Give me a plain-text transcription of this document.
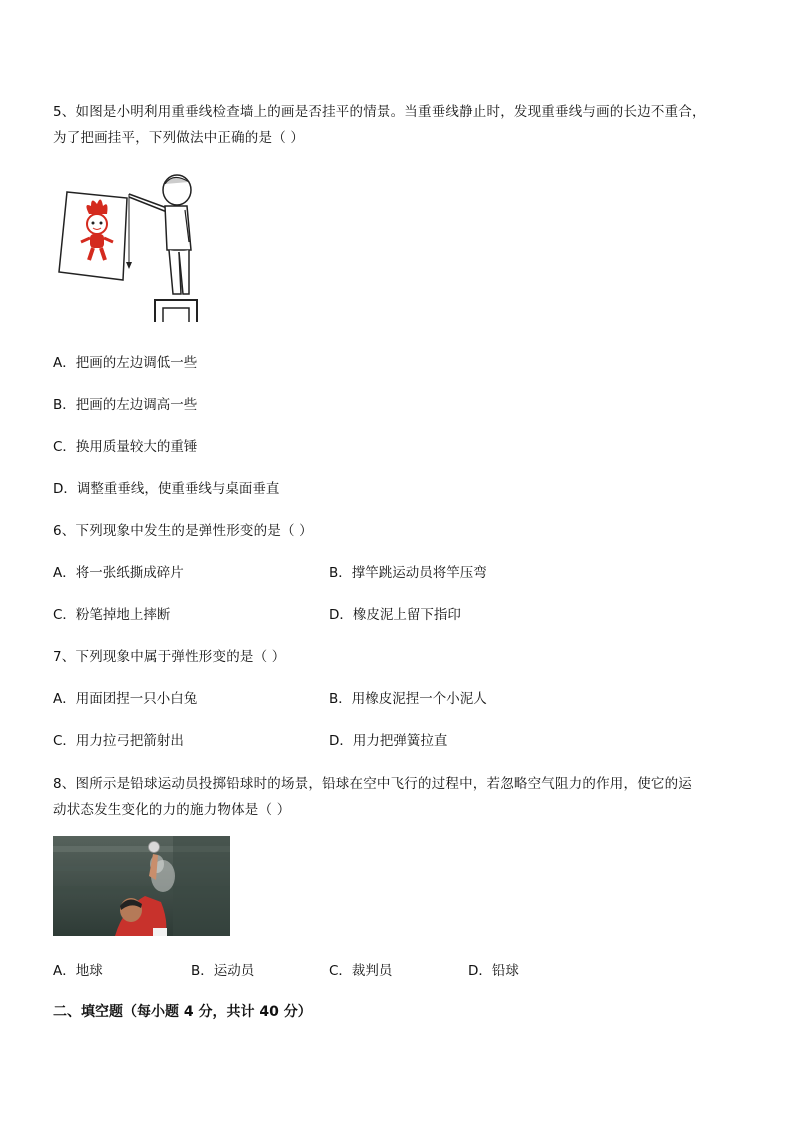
5、如图是小明利用重垂线检查墙上的画是否挂平的情景。当重垂线静止时，发现重垂线与画的长边不重合，
为了把画挂平，下列做法中正确的是（ ）
A．把画的左边调低一些
B．把画的左边调高一些
C．换用质量较大的重锤
D．调整重垂线，使重垂线与桌面垂直
6、下列现象中发生的是弹性形变的是（ ）
A．将一张纸撕成碎片	B．撑竿跳运动员将竿压弯
C．粉笔掉地上摔断	D．橡皮泥上留下指印
7、下列现象中属于弹性形变的是（ ）
A．用面团捏一只小白兔	B．用橡皮泥捏一个小泥人
C．用力拉弓把箭射出	D．用力把弹簧拉直
8、图所示是铅球运动员投掷铅球时的场景，铅球在空中飞行的过程中，若忽略空气阻力的作用，使它的运
动状态发生变化的力的施力物体是（ ）
A．地球	B．运动员	C．裁判员	D．铅球
二、填空题（每小题 4 分，共计 40 分）
